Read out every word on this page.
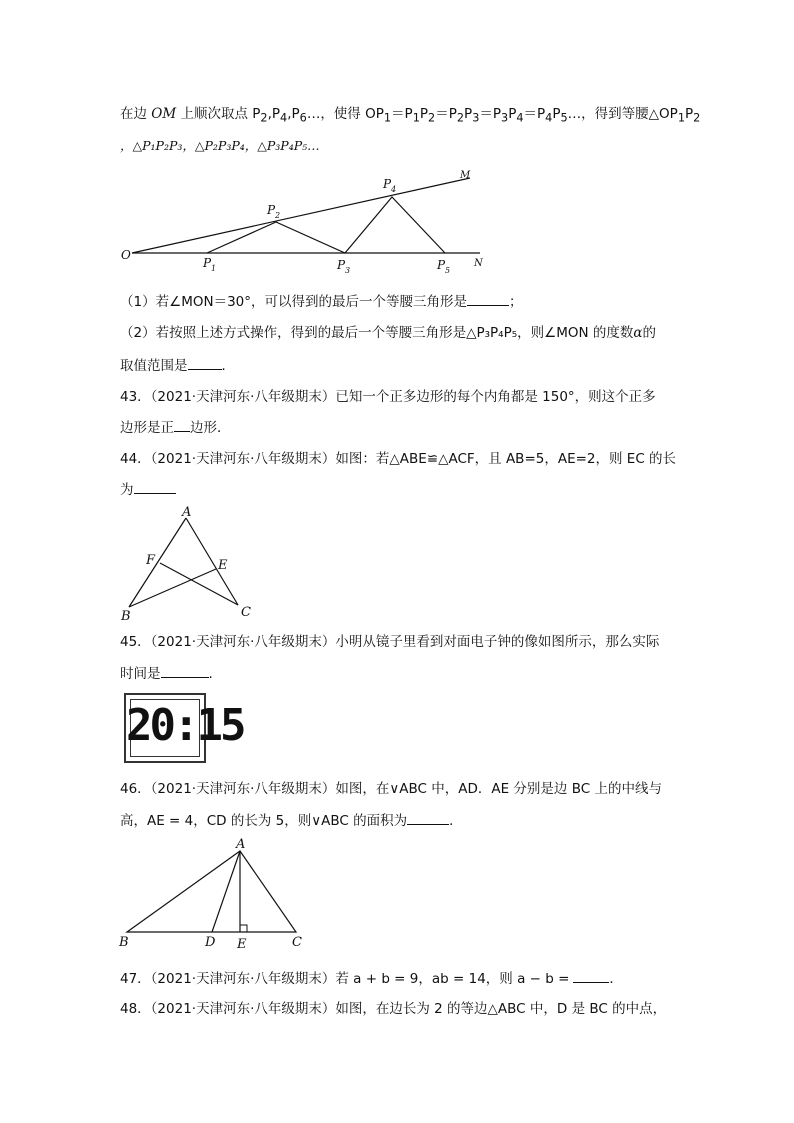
在边 OM 上顺次取点 $P_2,P_4,P_6\dots$，使得 $OP_1=P_1P_2=P_2P_3=P_3P_4=P_4P_5\dots$，得到等腰$\triangle OP_1P_2$
，△P₁P₂P₃，△P₂P₃P₄，△P₃P₄P₅…
O
P 1
P 2
P 3
P 4
P 5
M
N
（1）若∠MON＝30°，可以得到的最后一个等腰三角形是	；
（2）若按照上述方式操作，得到的最后一个等腰三角形是△P₃P₄P₅，则∠MON 的度数α的
取值范围是	．
43．（2021·天津河东·八年级期末）已知一个正多边形的每个内角都是 150°，则这个正多
边形是正 边形．
44．（2021·天津河东·八年级期末）如图：若△ABE≌△ACF，且 AB=5，AE=2，则 EC 的长
为
A
B	C
E
F
45．（2021·天津河东·八年级期末）小明从镜子里看到对面电子钟的像如图所示，那么实际
时间是	.
20:15
46．（2021·天津河东·八年级期末）如图，在∨ABC 中，AD．AE 分别是边 BC 上的中线与
高，AE = 4，CD 的长为 5，则∨ABC 的面积为	．
A
B	C
D E
47．（2021·天津河东·八年级期末）若 a + b = 9，ab = 14，则 a − b =	．
48．（2021·天津河东·八年级期末）如图，在边长为 2 的等边△ABC 中，D 是 BC 的中点，
